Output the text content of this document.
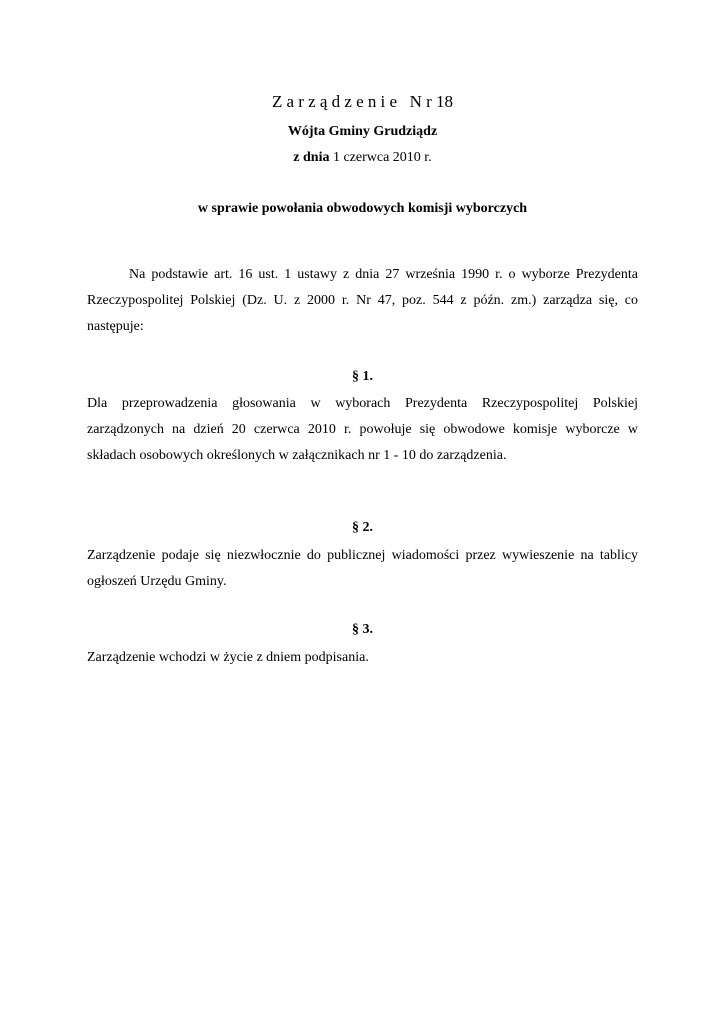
Zarządzenie Nr18
Wójta Gminy Grudziądz
z dnia 1 czerwca 2010 r.
w sprawie powołania obwodowych komisji wyborczych
Na podstawie art. 16 ust. 1 ustawy z dnia 27 września 1990 r. o wyborze Prezydenta
Rzeczypospolitej Polskiej (Dz. U. z 2000 r. Nr 47, poz. 544 z późn. zm.) zarządza się, co
następuje:
§ 1.
Dla przeprowadzenia głosowania w wyborach Prezydenta Rzeczypospolitej Polskiej
zarządzonych na dzień 20 czerwca 2010 r. powołuje się obwodowe komisje wyborcze w
składach osobowych określonych w załącznikach nr 1 - 10 do zarządzenia.
§ 2.
Zarządzenie podaje się niezwłocznie do publicznej wiadomości przez wywieszenie na tablicy
ogłoszeń Urzędu Gminy.
§ 3.
Zarządzenie wchodzi w życie z dniem podpisania.
